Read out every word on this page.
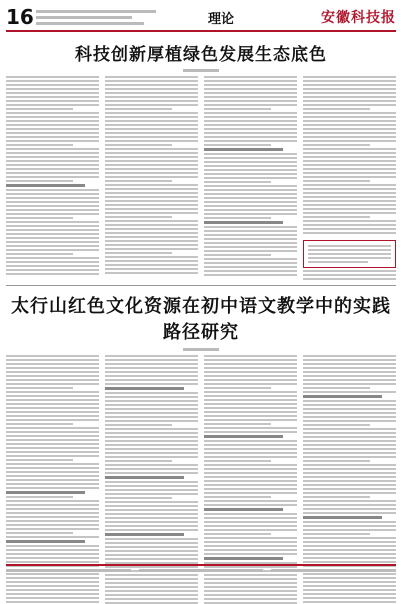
16	理论	安徽科技报
科技创新厚植绿色发展生态底色
太行山红色文化资源在初中语文教学中的实践路径研究
